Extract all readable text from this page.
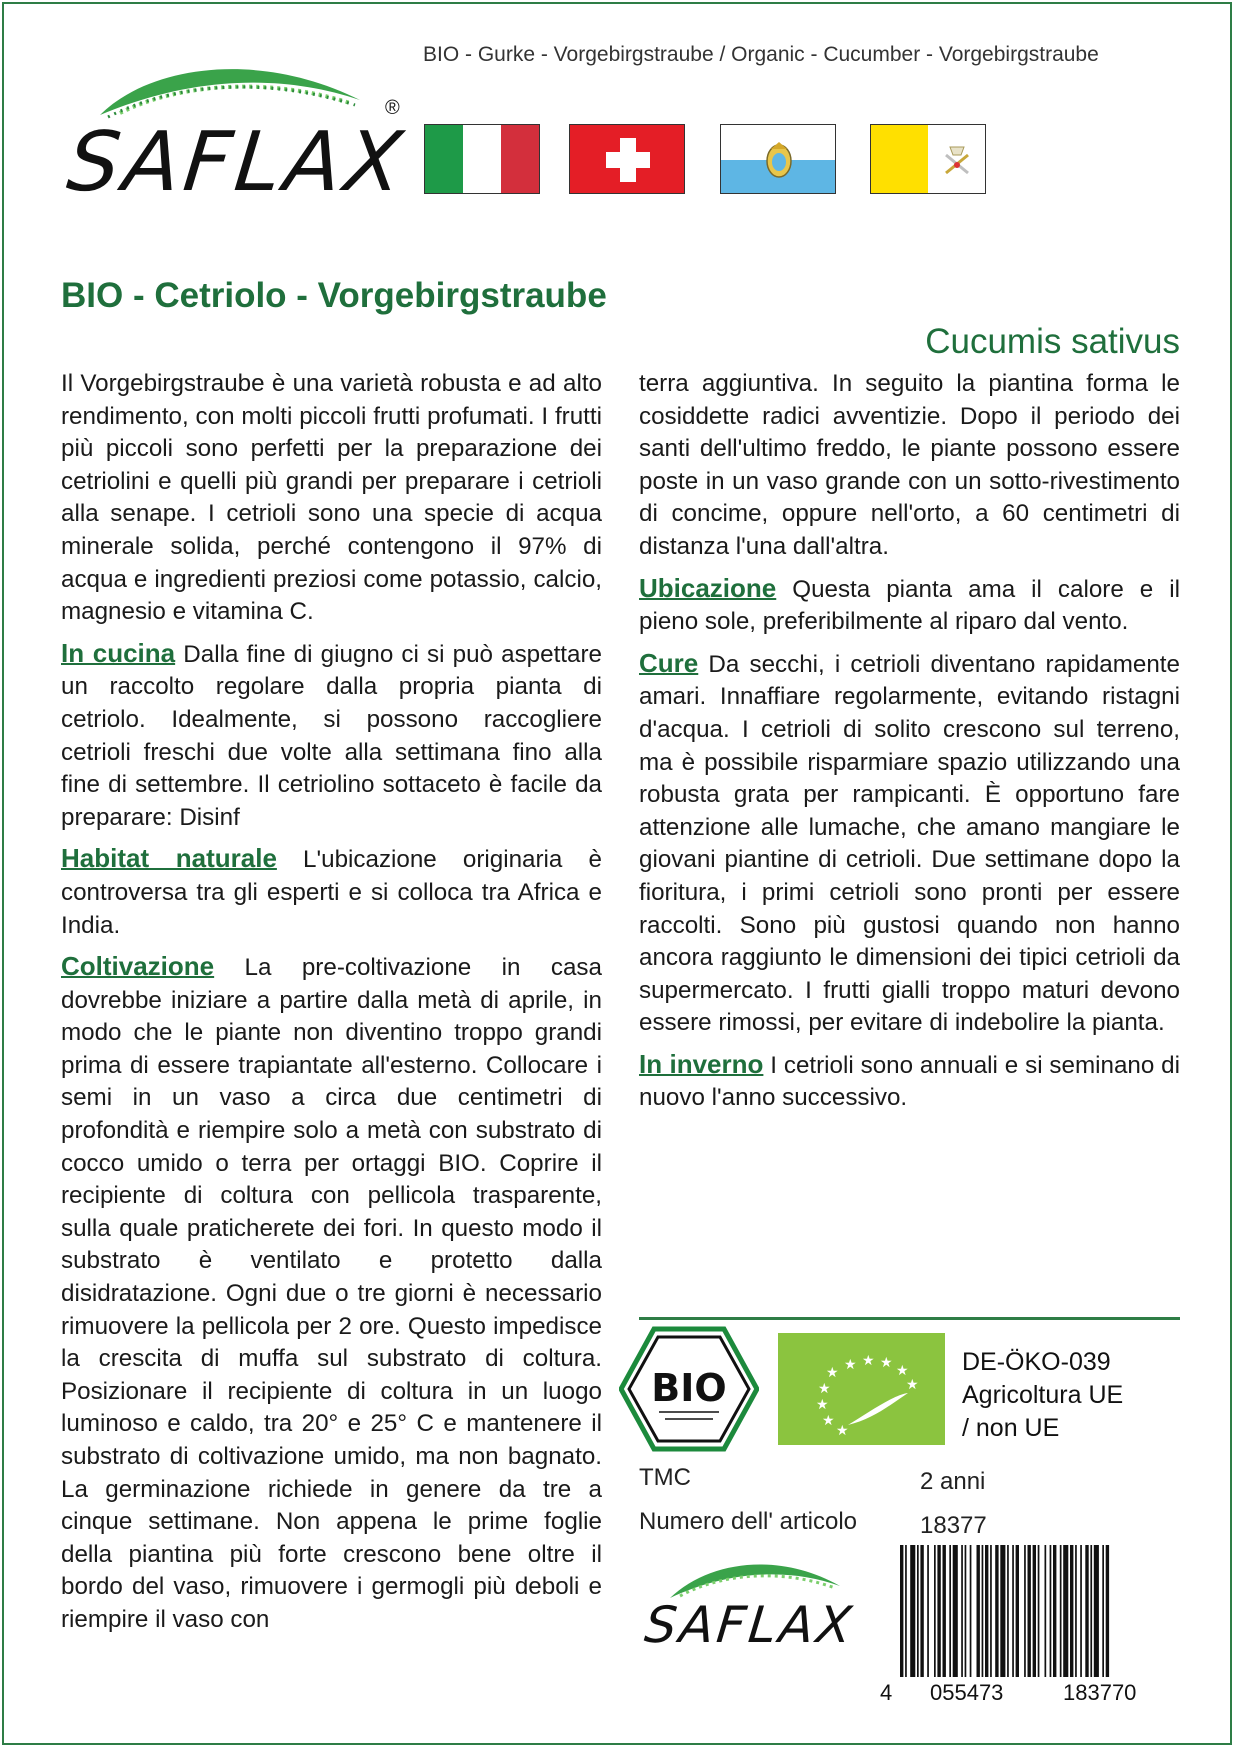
BIO - Gurke - Vorgebirgstraube / Organic - Cucumber - Vorgebirgstraube
SAFLAX
®
BIO - Cetriolo - Vorgebirgstraube
Cucumis sativus

Il Vorgebirgstraube è una varietà robusta e ad alto rendimento, con molti piccoli frutti profumati. I frutti più piccoli sono perfetti per la preparazione dei cetriolini e quelli più grandi per preparare i cetrioli alla senape. I cetrioli sono una specie di acqua minerale solida, perché contengono il 97% di acqua e ingredienti preziosi come potassio, calcio, magnesio e vitamina C.

In cucina Dalla fine di giugno ci si può aspettare un raccolto regolare dalla propria pianta di cetriolo. Idealmente, si possono raccogliere cetrioli freschi due volte alla settimana fino alla fine di settembre. Il cetriolino sottaceto è facile da preparare: Disinf

Habitat naturale L'ubicazione originaria è controversa tra gli esperti e si colloca tra Africa e India.

Coltivazione La pre-coltivazione in casa dovrebbe iniziare a partire dalla metà di aprile, in modo che le piante non diventino troppo grandi prima di essere trapiantate all'esterno. Collocare i semi in un vaso a circa due centimetri di profondità e riempire solo a metà con substrato di cocco umido o terra per ortaggi BIO. Coprire il recipiente di coltura con pellicola trasparente, sulla quale praticherete dei fori. In questo modo il substrato è ventilato e protetto dalla disidratazione. Ogni due o tre giorni è necessario rimuovere la pellicola per 2 ore. Questo impedisce la crescita di muffa sul substrato di coltura. Posizionare il recipiente di coltura in un luogo luminoso e caldo, tra 20° e 25° C e mantenere il substrato di coltivazione umido, ma non bagnato. La germinazione richiede in genere da tre a cinque settimane. Non appena le prime foglie della piantina più forte crescono bene oltre il bordo del vaso, rimuovere i germogli più deboli e riempire il vaso con

terra aggiuntiva. In seguito la piantina forma le cosiddette radici avventizie. Dopo il periodo dei santi dell'ultimo freddo, le piante possono essere poste in un vaso grande con un sotto-rivestimento di concime, oppure nell'orto, a 60 centimetri di distanza l'una dall'altra.

Ubicazione Questa pianta ama il calore e il pieno sole, preferibilmente al riparo dal vento.

Cure Da secchi, i cetrioli diventano rapidamente amari. Innaffiare regolarmente, evitando ristagni d'acqua. I cetrioli di solito crescono sul terreno, ma è possibile risparmiare spazio utilizzando una robusta grata per rampicanti. È opportuno fare attenzione alle lumache, che amano mangiare le giovani piantine di cetrioli. Due settimane dopo la fioritura, i primi cetrioli sono pronti per essere raccolti. Sono più gustosi quando non hanno ancora raggiunto le dimensioni dei tipici cetrioli da supermercato. I frutti gialli troppo maturi devono essere rimossi, per evitare di indebolire la pianta.

In inverno I cetrioli sono annuali e si seminano di nuovo l'anno successivo.

BIO	★ ★ ★ ★ ★
★
★
★
★
★
DE-ÖKO-039
Agricoltura UE
/ non UE
TMC	2 anni
Numero dell' articolo	18377
SAFLAX
4 055473	183770
